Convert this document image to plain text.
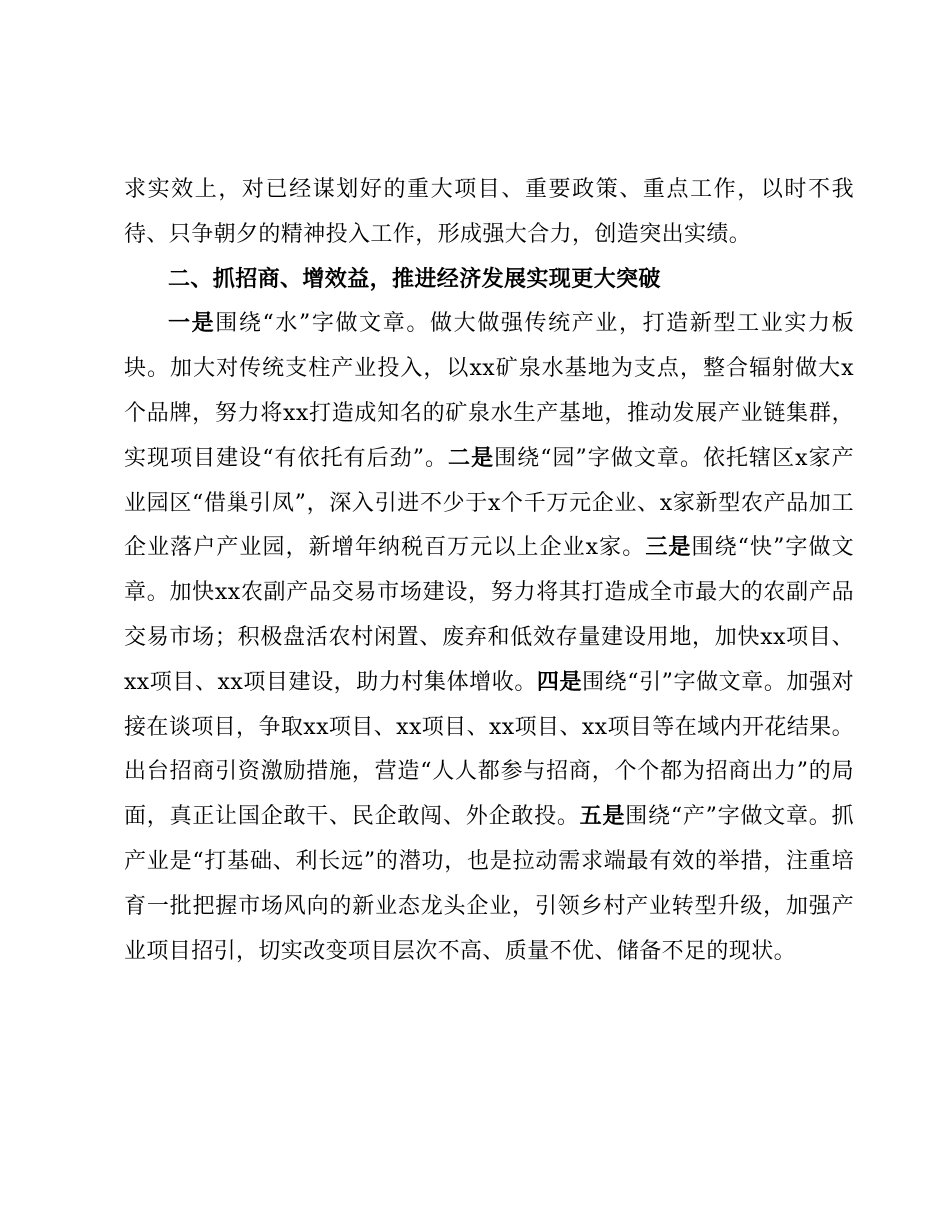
求实效上，对已经谋划好的重大项目、重要政策、重点工作，以时不我待、只争朝夕的精神投入工作，形成强大合力，创造突出实绩。

二、抓招商、增效益，推进经济发展实现更大突破

一是围绕“水”字做文章。做大做强传统产业，打造新型工业实力板块。加大对传统支柱产业投入，以xx矿泉水基地为支点，整合辐射做大x个品牌，努力将xx打造成知名的矿泉水生产基地，推动发展产业链集群，实现项目建设“有依托有后劲”。二是围绕“园”字做文章。依托辖区x家产业园区“借巢引凤”，深入引进不少于x个千万元企业、x家新型农产品加工企业落户产业园，新增年纳税百万元以上企业x家。三是围绕“快”字做文章。加快xx农副产品交易市场建设，努力将其打造成全市最大的农副产品交易市场；积极盘活农村闲置、废弃和低效存量建设用地，加快xx项目、xx项目、xx项目建设，助力村集体增收。四是围绕“引”字做文章。加强对接在谈项目，争取xx项目、xx项目、xx项目、xx项目等在域内开花结果。出台招商引资激励措施，营造“人人都参与招商，个个都为招商出力”的局面，真正让国企敢干、民企敢闯、外企敢投。五是围绕“产”字做文章。抓产业是“打基础、利长远”的潜功，也是拉动需求端最有效的举措，注重培育一批把握市场风向的新业态龙头企业，引领乡村产业转型升级，加强产业项目招引，切实改变项目层次不高、质量不优、储备不足的现状。
